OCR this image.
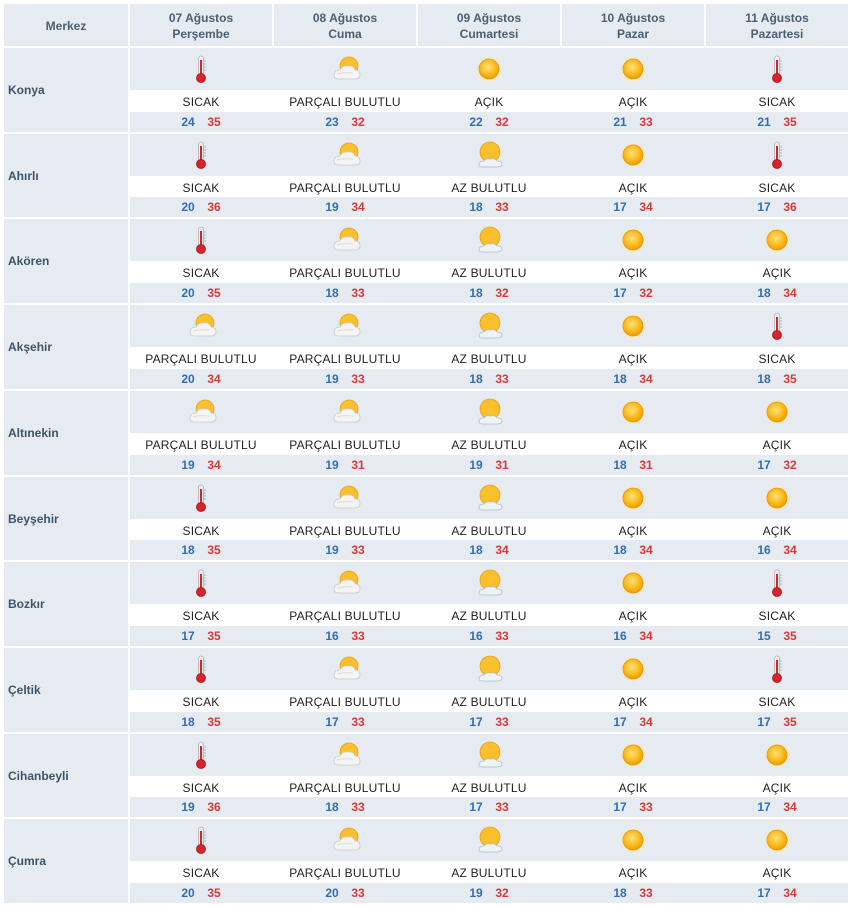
Merkez
07 Ağustos
Perşembe
08 Ağustos
Cuma
09 Ağustos
Cumartesi
10 Ağustos
Pazar
11 Ağustos
Pazartesi
Konya
SICAK
24 35
PARÇALI BULUTLU
23 32
AÇIK
22 32
AÇIK
21 33
SICAK
21 35
Ahırlı
SICAK
20 36
PARÇALI BULUTLU
19 34
AZ BULUTLU
18 33
AÇIK
17 34
SICAK
17 36
Akören
SICAK
20 35
PARÇALI BULUTLU
18 33
AZ BULUTLU
18 32
AÇIK
17 32
AÇIK
18 34
Akşehir
PARÇALI BULUTLU
20 34
PARÇALI BULUTLU
19 33
AZ BULUTLU
18 33
AÇIK
18 34
SICAK
18 35
Altınekin
PARÇALI BULUTLU
19 34
PARÇALI BULUTLU
19 31
AZ BULUTLU
19 31
AÇIK
18 31
AÇIK
17 32
Beyşehir
SICAK
18 35
PARÇALI BULUTLU
19 33
AZ BULUTLU
18 34
AÇIK
18 34
AÇIK
16 34
Bozkır
SICAK
17 35
PARÇALI BULUTLU
16 33
AZ BULUTLU
16 33
AÇIK
16 34
SICAK
15 35
Çeltik
SICAK
18 35
PARÇALI BULUTLU
17 33
AZ BULUTLU
17 33
AÇIK
17 34
SICAK
17 35
Cihanbeyli
SICAK
19 36
PARÇALI BULUTLU
18 33
AZ BULUTLU
17 33
AÇIK
17 33
AÇIK
17 34
Çumra
SICAK
20 35
PARÇALI BULUTLU
20 33
AZ BULUTLU
19 32
AÇIK
18 33
AÇIK
17 34
